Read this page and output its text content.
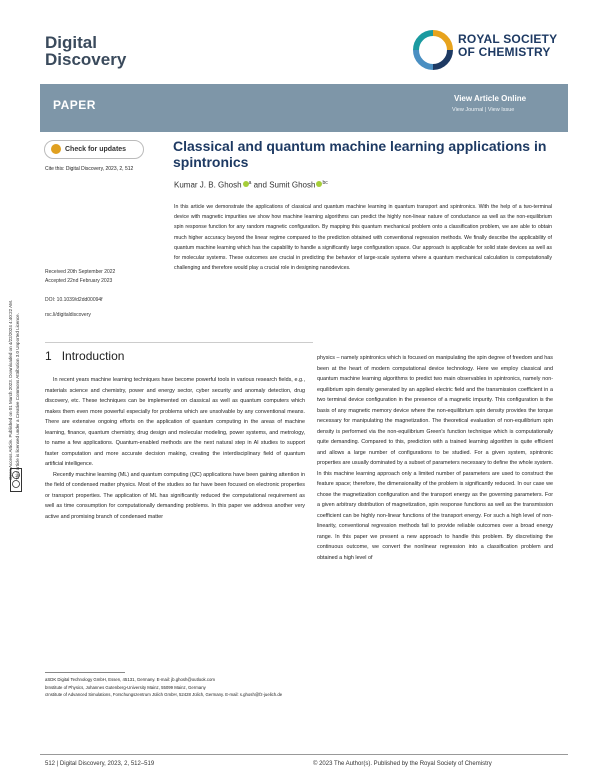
Digital
Discovery
ROYAL SOCIETY
OF CHEMISTRY
PAPER	View Article Online
View Journal | View Issue
Check for updates
Open Access Article. Published on 01 March 2023. Downloaded on 4/22/2024 4:40:22 AM. This article is licensed under a Creative Commons Attribution 3.0 Unported Licence.
Cite this: Digital Discovery, 2023, 2, 512
Classical and quantum machine learning applications in spintronics
Kumar J. B. Ghosh $^a$ and Sumit Ghosh $^{bc}$
In this article we demonstrate the applications of classical and quantum machine learning in quantum transport and spintronics. With the help of a two-terminal device with magnetic impurities we show how machine learning algorithms can predict the highly non-linear nature of conductance as well as the non-equilibrium spin response function for any random magnetic configuration. By mapping this quantum mechanical problem onto a classification problem, we are able to obtain much higher accuracy beyond the linear regime compared to the prediction obtained with conventional regression methods. We finally describe the applicability of quantum machine learning which has the capability to handle a significantly large configuration space. Our approach is applicable for solid state devices as well as for molecular systems. These outcomes are crucial in predicting the behavior of large-scale systems where a quantum mechanical calculation is computationally challenging and therefore would play a crucial role in designing nanodevices.
Received 20th September 2022
Accepted 22nd February 2023
DOI: 10.1039/d2dd00094f
rsc.li/digitaldiscovery
1 Introduction
In recent years machine learning techniques have become powerful tools in various research fields, e.g., materials science and chemistry, power and energy sector, cyber security and anomaly detection, drug discovery, etc. These techniques can be implemented on classical as well as quantum computers which makes them even more powerful especially for problems which are unsolvable by any conventional means. There are extensive ongoing efforts on the application of quantum computing in the areas of machine learning, finance, quantum chemistry, drug design and molecular modeling, power systems, and metrology, to name a few applications. Quantum-enabled methods are the next natural step in AI studies to support faster computation and more accurate decision making, creating the interdisciplinary field of quantum artificial intelligence.
Recently machine learning (ML) and quantum computing (QC) applications have been gaining attention in the field of condensed matter physics. Most of the studies so far have been focused on electronic properties or transport properties. The application of ML has significantly reduced the computational requirement as well as time consumption for computationally demanding problems. In this paper we address another very active and promising branch of condensed matter
physics – namely spintronics which is focused on manipulating the spin degree of freedom and has been at the heart of modern computational device technology. Here we employ classical and quantum machine learning algorithms to predict two main observables in spintronics, namely non-equilibrium spin density generated by an applied electric field and the transmission coefficient in a two terminal device configuration in the presence of a magnetic impurity. This configuration is the basis of any magnetic memory device where the non-equilibrium spin density provides the torque necessary for manipulating the magnetization. The theoretical evaluation of non-equilibrium spin density is performed via the non-equilibrium Green's function technique which is computationally quite demanding. Compared to this, prediction with a trained learning algorithm is quite efficient and allows a large number of configurations to be studied. For a given system, spintronic properties are usually dominated by a subset of parameters necessary to define the whole system. In this machine learning approach only a limited number of parameters are used to construct the feature space; therefore, the dimensionality of the problem is significantly reduced. In our case we chose the magnetization configuration and the transport energy as the governing parameters. For a given arbitrary distribution of magnetization, spin response functions as well as the transmission coefficient can be highly non-linear functions of the transport energy. For such a high level of non-linearity, conventional regression methods fail to provide reliable outcomes over a broad energy range. In this paper we present a new approach to handle this problem. By discretising the continuous outcome, we convert the nonlinear regression into a classification problem and obtained a high level of
aSDK Digital Technology GmbH, Essen, 45131, Germany. E-mail: jb.ghosh@outlook.com
bInstitute of Physics, Johannes Gutenberg-University Mainz, 55099 Mainz, Germany
cInstitute of Advanced Simulations, Forschungszentrum Jülich GmbH, 52428 Jülich, Germany. E-mail: s.ghosh@fz-juelich.de
512 | Digital Discovery, 2023, 2, 512–519	© 2023 The Author(s). Published by the Royal Society of Chemistry
